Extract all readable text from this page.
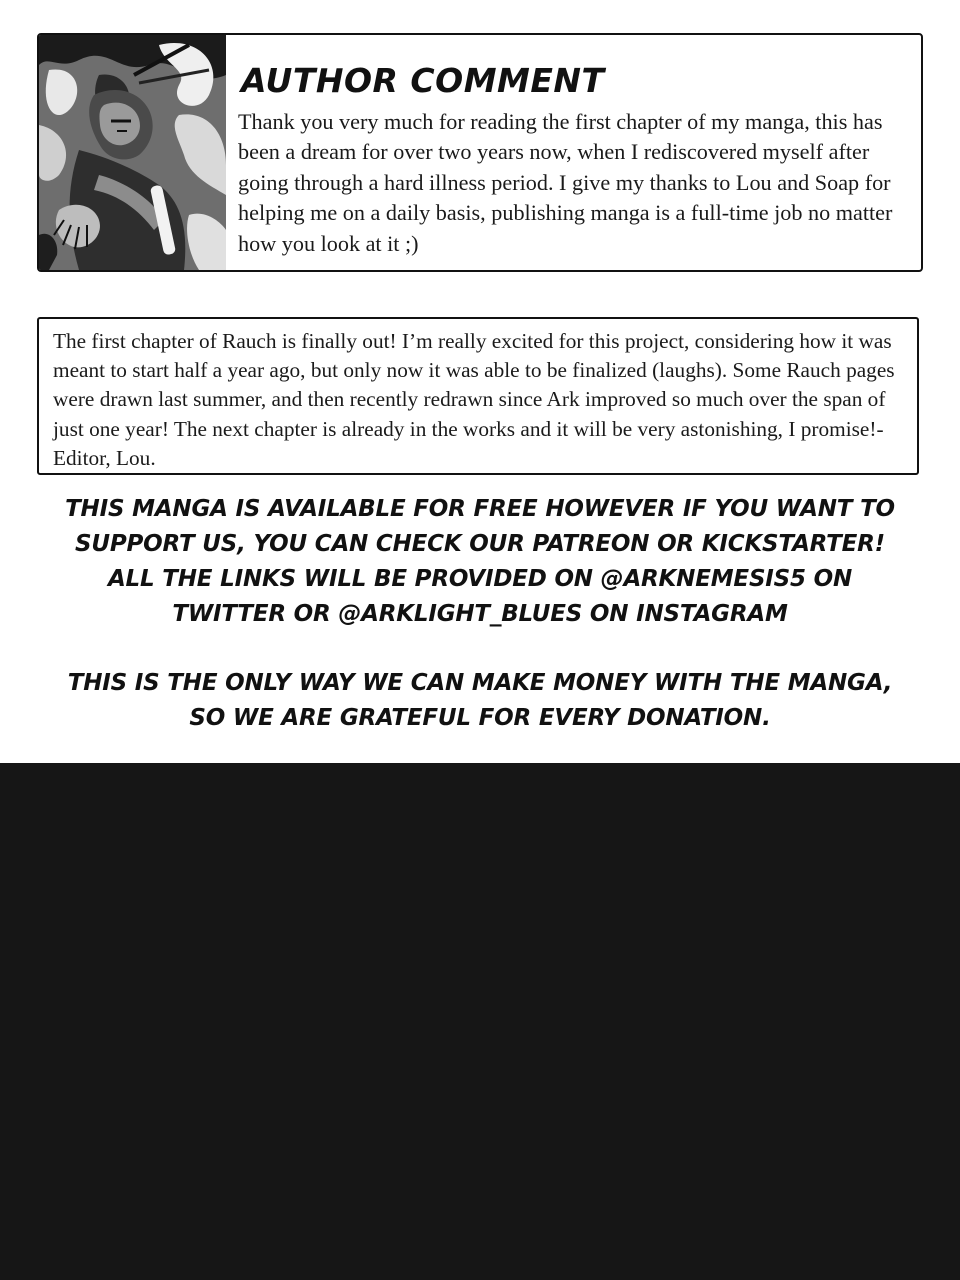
AUTHOR COMMENT

Thank you very much for reading the first chapter of my manga, this has been a dream for over two years now, when I rediscovered myself after going through a hard illness period. I give my thanks to Lou and Soap for helping me on a daily basis, publishing manga is a full-time job no matter how you look at it ;)

The first chapter of Rauch is finally out! I’m really excited for this project, considering how it was meant to start half a year ago, but only now it was able to be finalized (laughs). Some Rauch pages were drawn last summer, and then recently redrawn since Ark improved so much over the span of just one year! The next chapter is already in the works and it will be very astonishing, I promise!- Editor, Lou.

THIS MANGA IS AVAILABLE FOR FREE HOWEVER IF YOU WANT TO

SUPPORT US, YOU CAN CHECK OUR PATREON OR KICKSTARTER!

ALL THE LINKS WILL BE PROVIDED ON @ARKNEMESIS5 ON

TWITTER OR @ARKLIGHT_BLUES ON INSTAGRAM

THIS IS THE ONLY WAY WE CAN MAKE MONEY WITH THE MANGA,

SO WE ARE GRATEFUL FOR EVERY DONATION.
